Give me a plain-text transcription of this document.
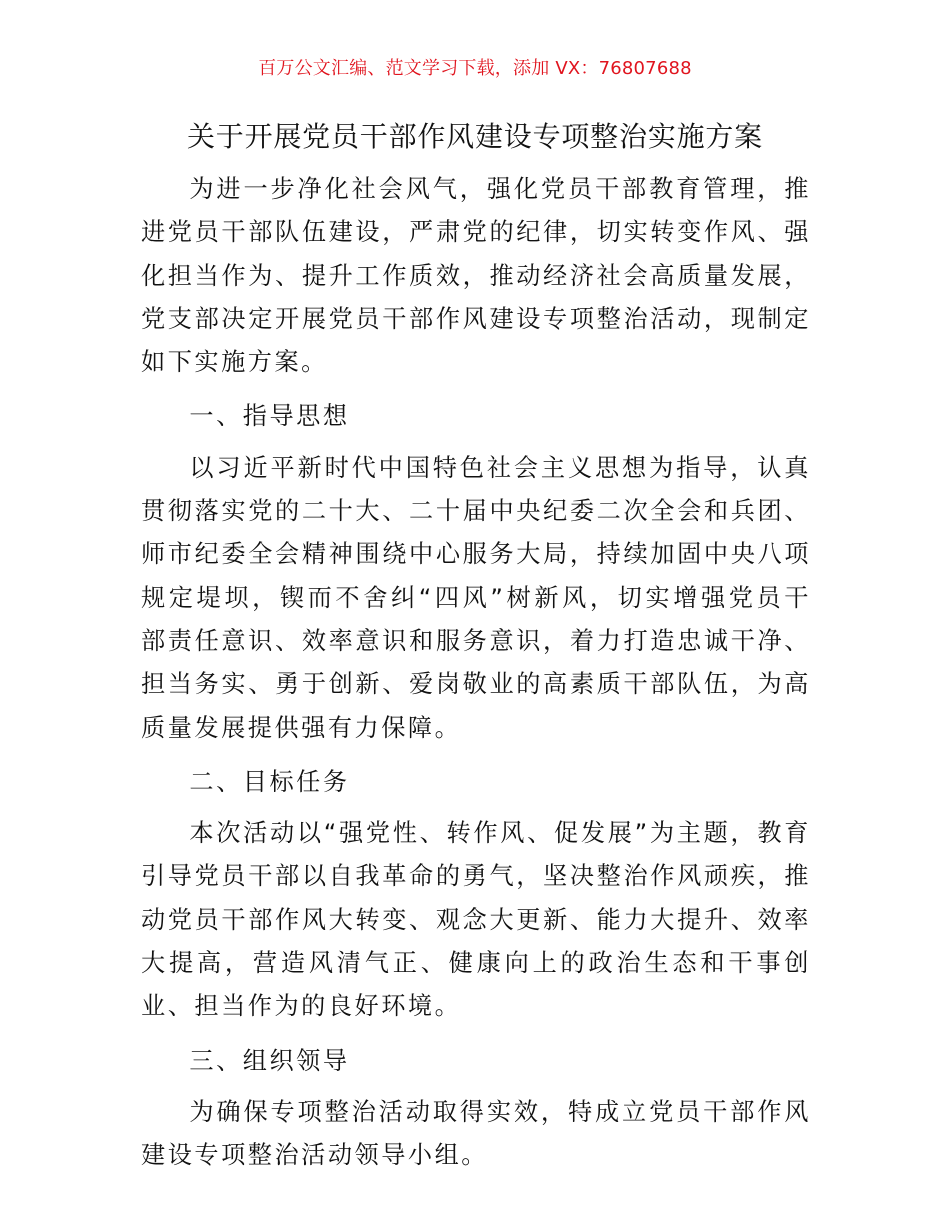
百万公文汇编、范文学习下载，添加 VX：76807688
关于开展党员干部作风建设专项整治实施方案

为进一步净化社会风气，强化党员干部教育管理，推进党员干部队伍建设，严肃党的纪律，切实转变作风、强化担当作为、提升工作质效，推动经济社会高质量发展，党支部决定开展党员干部作风建设专项整治活动，现制定如下实施方案。

一、指导思想

以习近平新时代中国特色社会主义思想为指导，认真贯彻落实党的二十大、二十届中央纪委二次全会和兵团、师市纪委全会精神围绕中心服务大局，持续加固中央八项规定堤坝，锲而不舍纠“四风”树新风，切实增强党员干部责任意识、效率意识和服务意识，着力打造忠诚干净、担当务实、勇于创新、爱岗敬业的高素质干部队伍，为高质量发展提供强有力保障。

二、目标任务

本次活动以“强党性、转作风、促发展”为主题，教育引导党员干部以自我革命的勇气，坚决整治作风顽疾，推动党员干部作风大转变、观念大更新、能力大提升、效率大提高，营造风清气正、健康向上的政治生态和干事创业、担当作为的良好环境。

三、组织领导

为确保专项整治活动取得实效，特成立党员干部作风建设专项整治活动领导小组。
